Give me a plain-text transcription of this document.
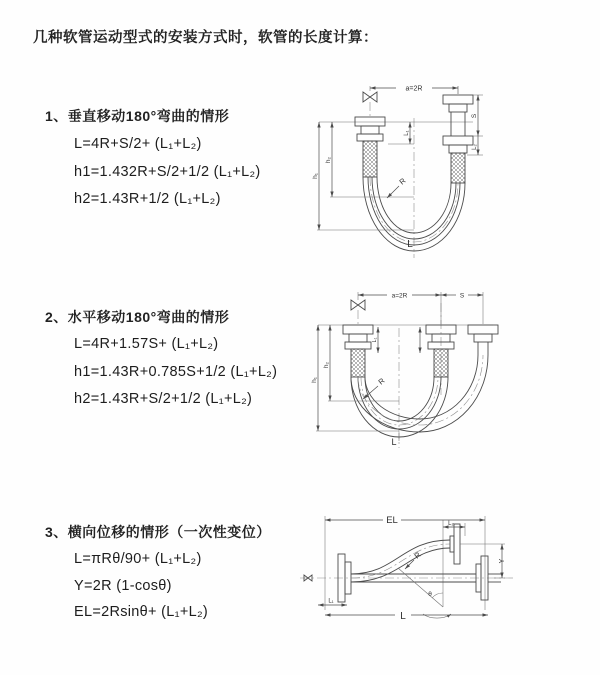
几种软管运动型式的安装方式时，软管的长度计算：
1、垂直移动180°弯曲的情形
L=4R+S/2+ (L₁+L₂)
h1=1.432R+S/2+1/2 (L₁+L₂)
h2=1.43R+1/2 (L₁+L₂)
2、水平移动180°弯曲的情形
L=4R+1.57S+ (L₁+L₂)
h1=1.43R+0.785S+1/2 (L₁+L₂)
h2=1.43R+S/2+1/2 (L₁+L₂)
3、横向位移的情形（一次性变位）
L=πRθ/90+ (L₁+L₂)
Y=2R (1-cosθ)
EL=2Rsinθ+ (L₁+L₂)
a=2R
h₁
h₂
L₁
S
L₂
R
L
a=2R	S
h₁
h₂
L₁
R
L
EL	L₂
Y
θ
R
L₁
L
